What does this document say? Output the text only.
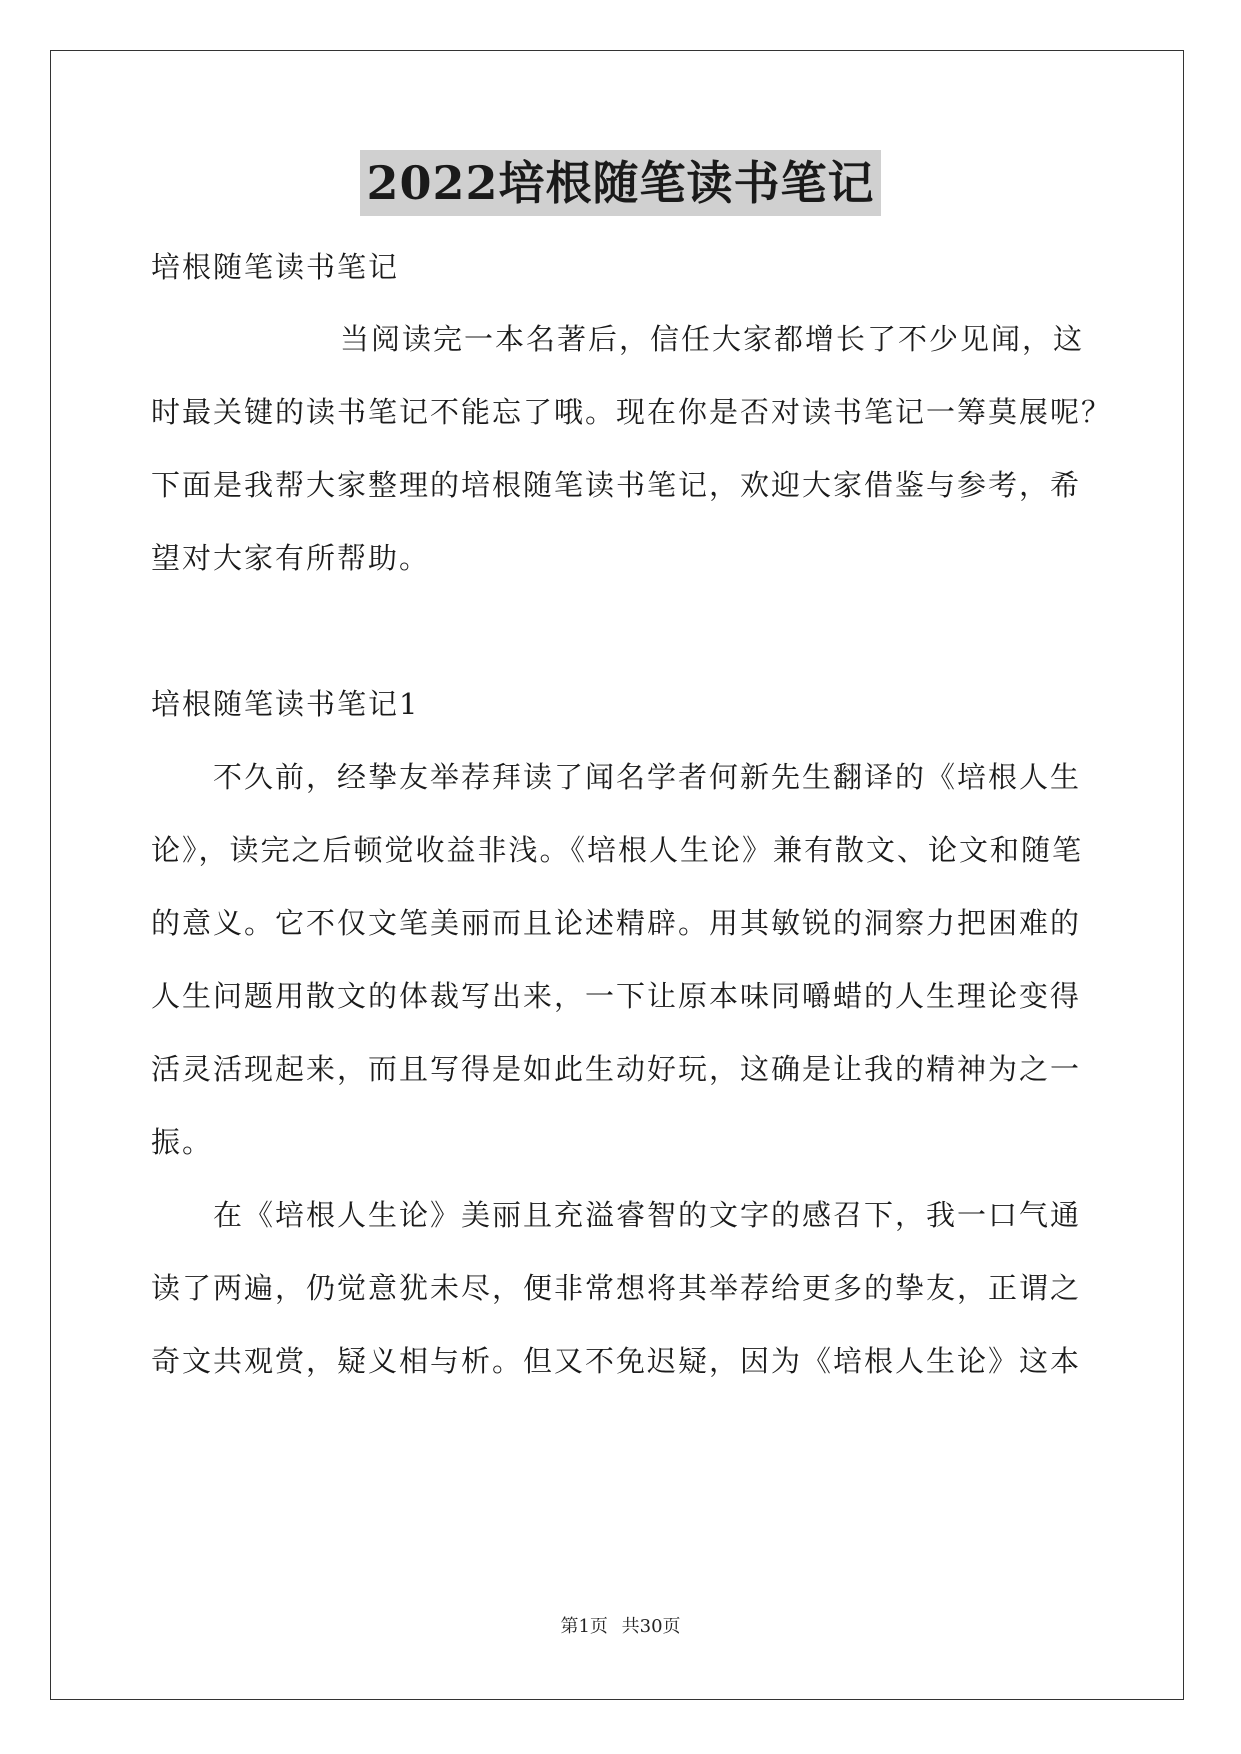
2022培根随笔读书笔记
培根随笔读书笔记
当阅读完一本名著后，信任大家都增长了不少见闻，这
时最关键的读书笔记不能忘了哦。现在你是否对读书笔记一筹莫展呢？
下面是我帮大家整理的培根随笔读书笔记，欢迎大家借鉴与参考，希
望对大家有所帮助。
培根随笔读书笔记1
不久前，经挚友举荐拜读了闻名学者何新先生翻译的《培根人生
论》，读完之后顿觉收益非浅。《培根人生论》兼有散文、论文和随笔
的意义。它不仅文笔美丽而且论述精辟。用其敏锐的洞察力把困难的
人生问题用散文的体裁写出来，一下让原本味同嚼蜡的人生理论变得
活灵活现起来，而且写得是如此生动好玩，这确是让我的精神为之一
振。
在《培根人生论》美丽且充溢睿智的文字的感召下，我一口气通
读了两遍，仍觉意犹未尽，便非常想将其举荐给更多的挚友，正谓之
奇文共观赏，疑义相与析。但又不免迟疑，因为《培根人生论》这本
第1页 共30页
